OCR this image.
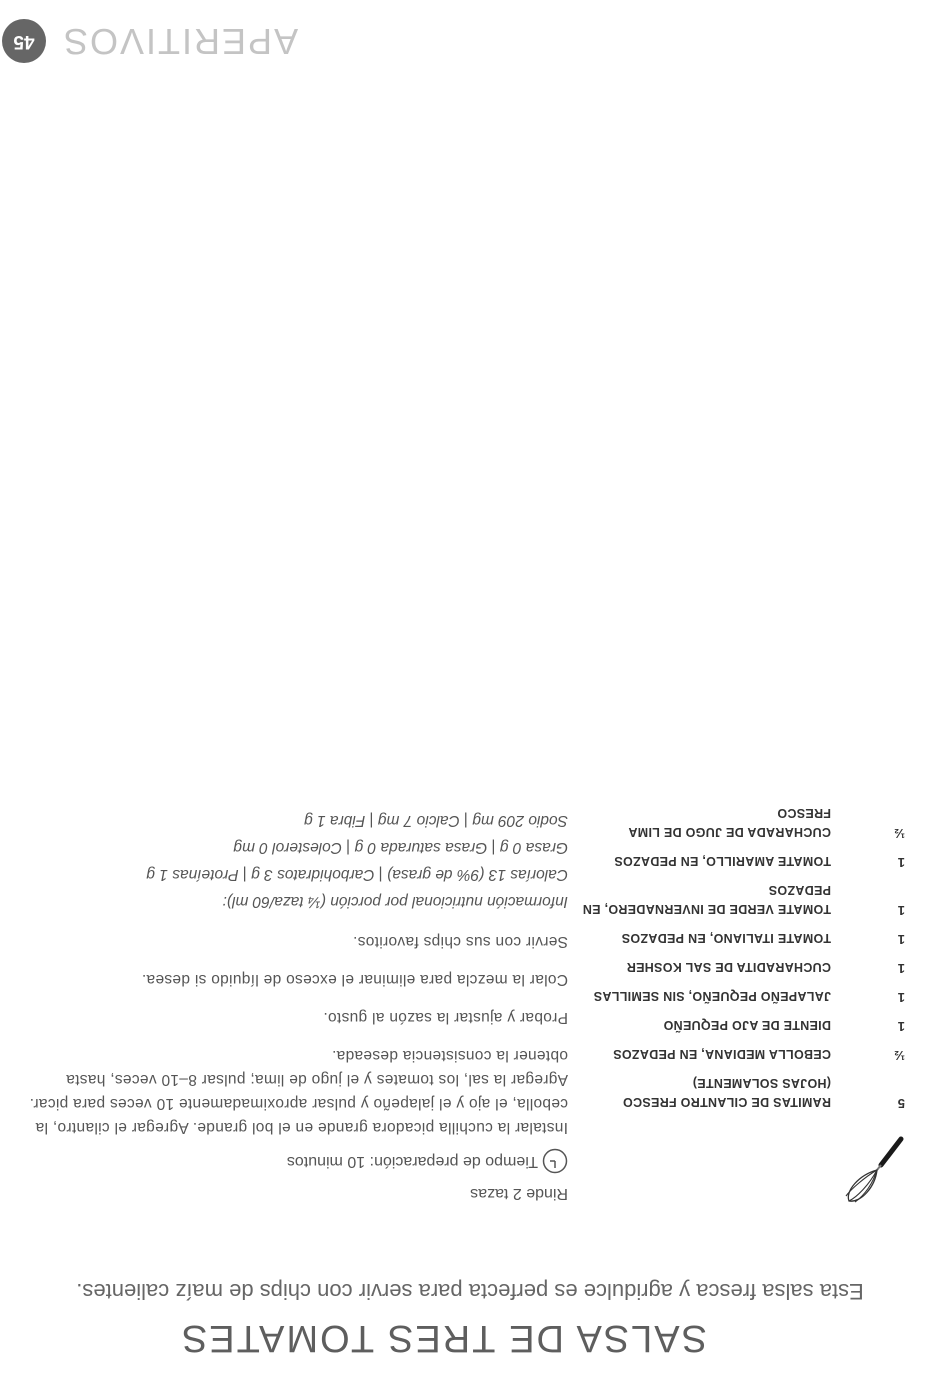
SALSA DE TRES TOMATES

Esta salsa fresca y agridulce es perfecta para servir con chips de maíz calientes.

5
RAMITAS DE CILANTRO FRESCO (HOJAS SOLAMENTE)
½
CEBOLLA MEDIANA, EN PEDAZOS
1
DIENTE DE AJO PEQUEÑO
1
JALAPEÑO PEQUEÑO, SIN SEMILLAS
1
CUCHARADITA DE SAL KOSHER
1
TOMATE ITALIANO, EN PEDAZOS
1
TOMATE VERDE DE INVERNADERO, EN PEDAZOS
1
TOMATE AMARILLO, EN PEDAZOS
½
CUCHARADA DE JUGO DE LIMA FRESCO

Rinde 2 tazas

Tiempo de preparación: 10 minutos

Instalar la cuchilla picadora grande en el bol grande. Agregar el cilantro, la cebolla, el ajo y el jalapeño y pulsar aproximadamente 10 veces para picar. Agregar la sal, los tomates y el jugo de lima; pulsar 8–10 veces, hasta obtener la consistencia deseada.

Probar y ajustar la sazón al gusto.

Colar la mezcla para eliminar el exceso de líquido si desea.

Servir con sus chips favoritos.

Información nutricional por porción (¼ taza/60 ml):

Calorías 13 (9% de grasa) | Carbohidratos 3 g | Proteínas 1 g

Grasa 0 g | Grasa saturada 0 g | Colesterol 0 mg

Sodio 209 mg | Calcio 7 mg | Fibra 1 g

APERITIVOS
45
